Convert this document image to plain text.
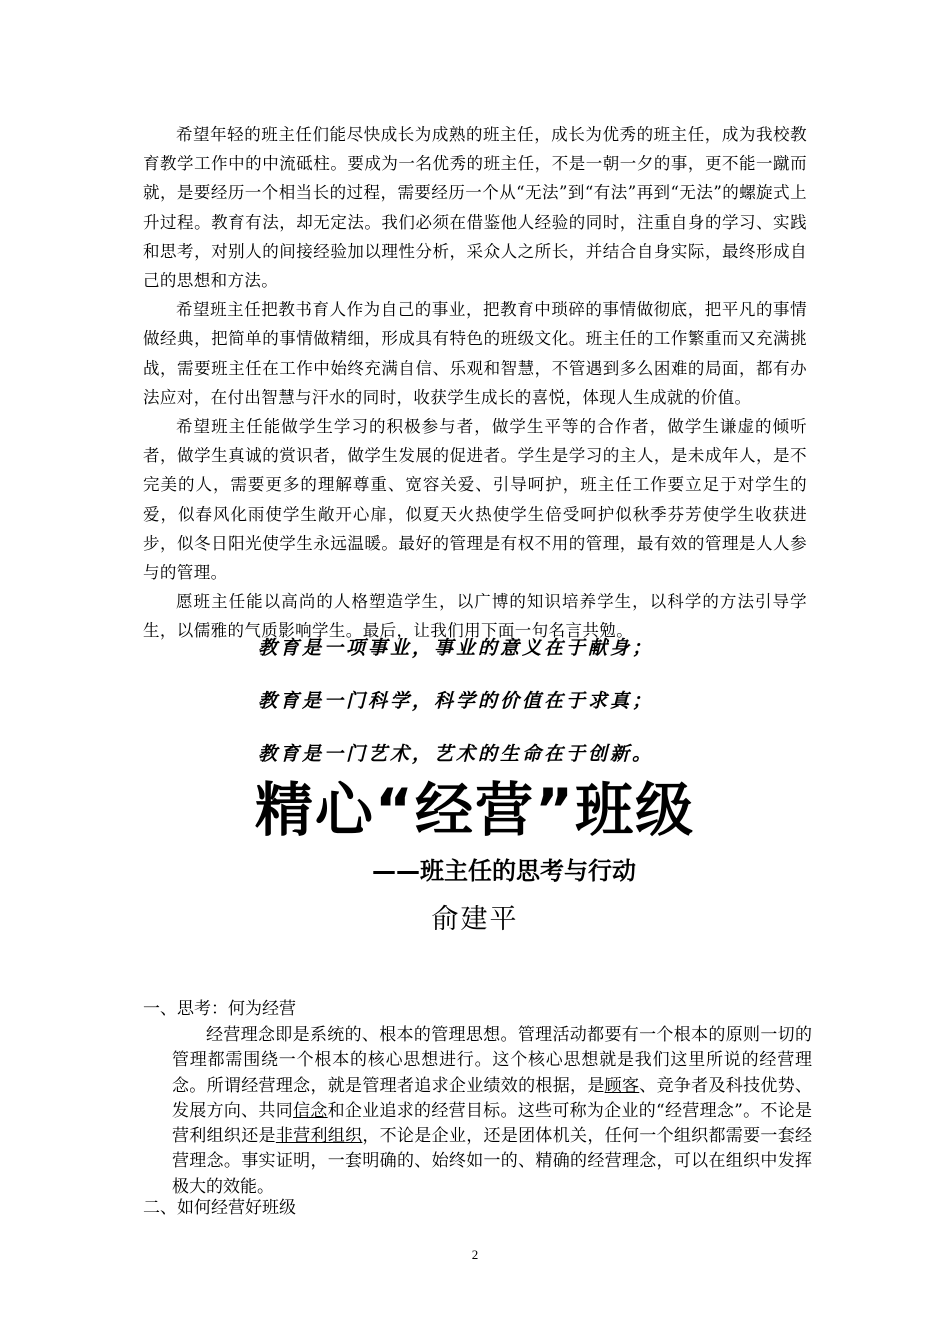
希望年轻的班主任们能尽快成长为成熟的班主任，成长为优秀的班主任，成为我校教育教学工作中的中流砥柱。要成为一名优秀的班主任，不是一朝一夕的事，更不能一蹴而就，是要经历一个相当长的过程，需要经历一个从“无法”到“有法”再到“无法”的螺旋式上升过程。教育有法，却无定法。我们必须在借鉴他人经验的同时，注重自身的学习、实践和思考，对别人的间接经验加以理性分析，采众人之所长，并结合自身实际，最终形成自己的思想和方法。

希望班主任把教书育人作为自己的事业，把教育中琐碎的事情做彻底，把平凡的事情做经典，把简单的事情做精细，形成具有特色的班级文化。班主任的工作繁重而又充满挑战，需要班主任在工作中始终充满自信、乐观和智慧，不管遇到多么困难的局面，都有办法应对，在付出智慧与汗水的同时，收获学生成长的喜悦，体现人生成就的价值。

希望班主任能做学生学习的积极参与者，做学生平等的合作者，做学生谦虚的倾听者，做学生真诚的赏识者，做学生发展的促进者。学生是学习的主人，是未成年人，是不完美的人，需要更多的理解尊重、宽容关爱、引导呵护，班主任工作要立足于对学生的爱，似春风化雨使学生敞开心扉，似夏天火热使学生倍受呵护似秋季芬芳使学生收获进步，似冬日阳光使学生永远温暖。最好的管理是有权不用的管理，最有效的管理是人人参与的管理。

愿班主任能以高尚的人格塑造学生，以广博的知识培养学生，以科学的方法引导学生，以儒雅的气质影响学生。最后，让我们用下面一句名言共勉。

教育是一项事业，事业的意义在于献身；

教育是一门科学，科学的价值在于求真；

教育是一门艺术，艺术的生命在于创新。

精心“经营”班级
——班主任的思考与行动
俞建平
一、思考：何为经营

经营理念即是系统的、根本的管理思想。管理活动都要有一个根本的原则一切的管理都需围绕一个根本的核心思想进行。这个核心思想就是我们这里所说的经营理念。所谓经营理念，就是管理者追求企业绩效的根据，是顾客、竞争者及科技优势、发展方向、共同信念和企业追求的经营目标。这些可称为企业的“经营理念”。不论是营利组织还是非营利组织，不论是企业，还是团体机关，任何一个组织都需要一套经营理念。事实证明，一套明确的、始终如一的、精确的经营理念，可以在组织中发挥极大的效能。

二、如何经营好班级
2
